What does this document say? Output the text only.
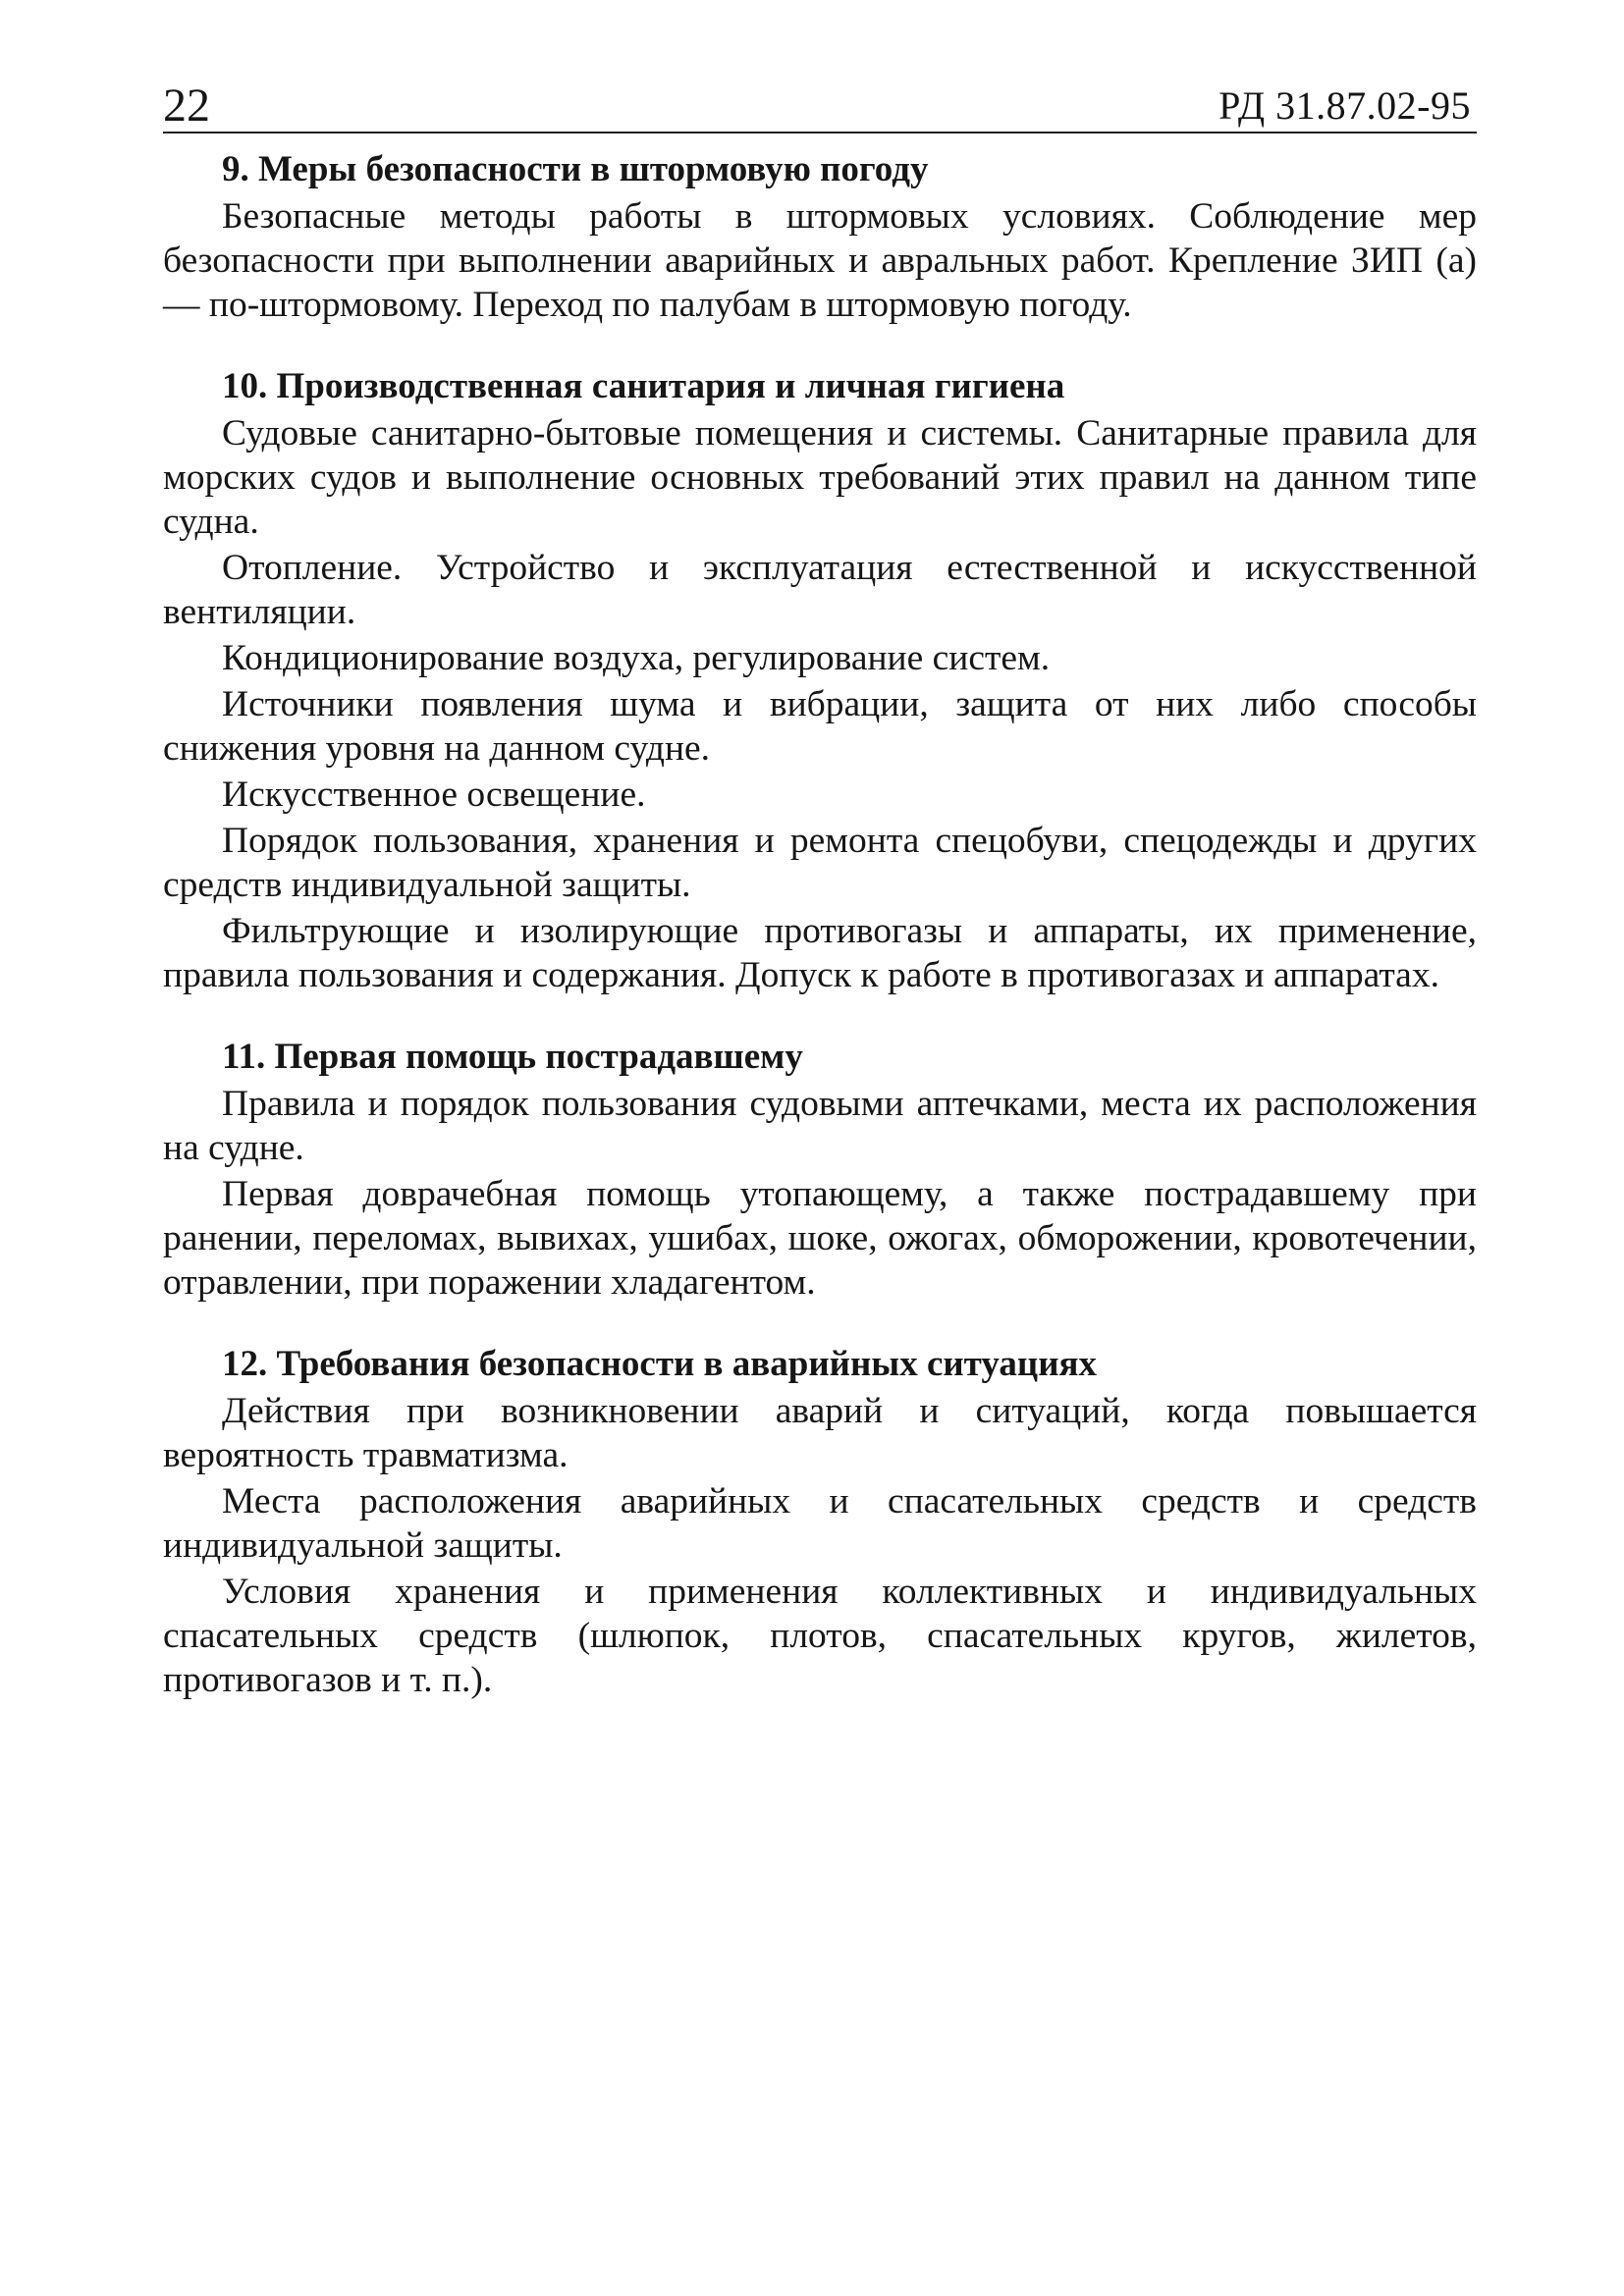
22	РД 31.87.02-95
9. Меры безопасности в штормовую погоду

Безопасные методы работы в штормовых условиях. Соблюдение мер безопасности при выполнении аварийных и авральных работ. Крепление ЗИП (а) — по-штормовому. Переход по палубам в штормовую погоду.

10. Производственная санитария и личная гигиена

Судовые санитарно-бытовые помещения и системы. Санитарные правила для морских судов и выполнение основных требований этих правил на данном типе судна.

Отопление. Устройство и эксплуатация естественной и искусственной вентиляции.

Кондиционирование воздуха, регулирование систем.

Источники появления шума и вибрации, защита от них либо способы снижения уровня на данном судне.

Искусственное освещение.

Порядок пользования, хранения и ремонта спецобуви, спецодежды и других средств индивидуальной защиты.

Фильтрующие и изолирующие противогазы и аппараты, их применение, правила пользования и содержания. Допуск к работе в противогазах и аппаратах.

11. Первая помощь пострадавшему

Правила и порядок пользования судовыми аптечками, места их расположения на судне.

Первая доврачебная помощь утопающему, а также пострадавшему при ранении, переломах, вывихах, ушибах, шоке, ожогах, обморожении, кровотечении, отравлении, при поражении хладагентом.

12. Требования безопасности в аварийных ситуациях

Действия при возникновении аварий и ситуаций, когда повышается вероятность травматизма.

Места расположения аварийных и спасательных средств и средств индивидуальной защиты.

Условия хранения и применения коллективных и индивидуальных спасательных средств (шлюпок, плотов, спасательных кругов, жилетов, противогазов и т. п.).
